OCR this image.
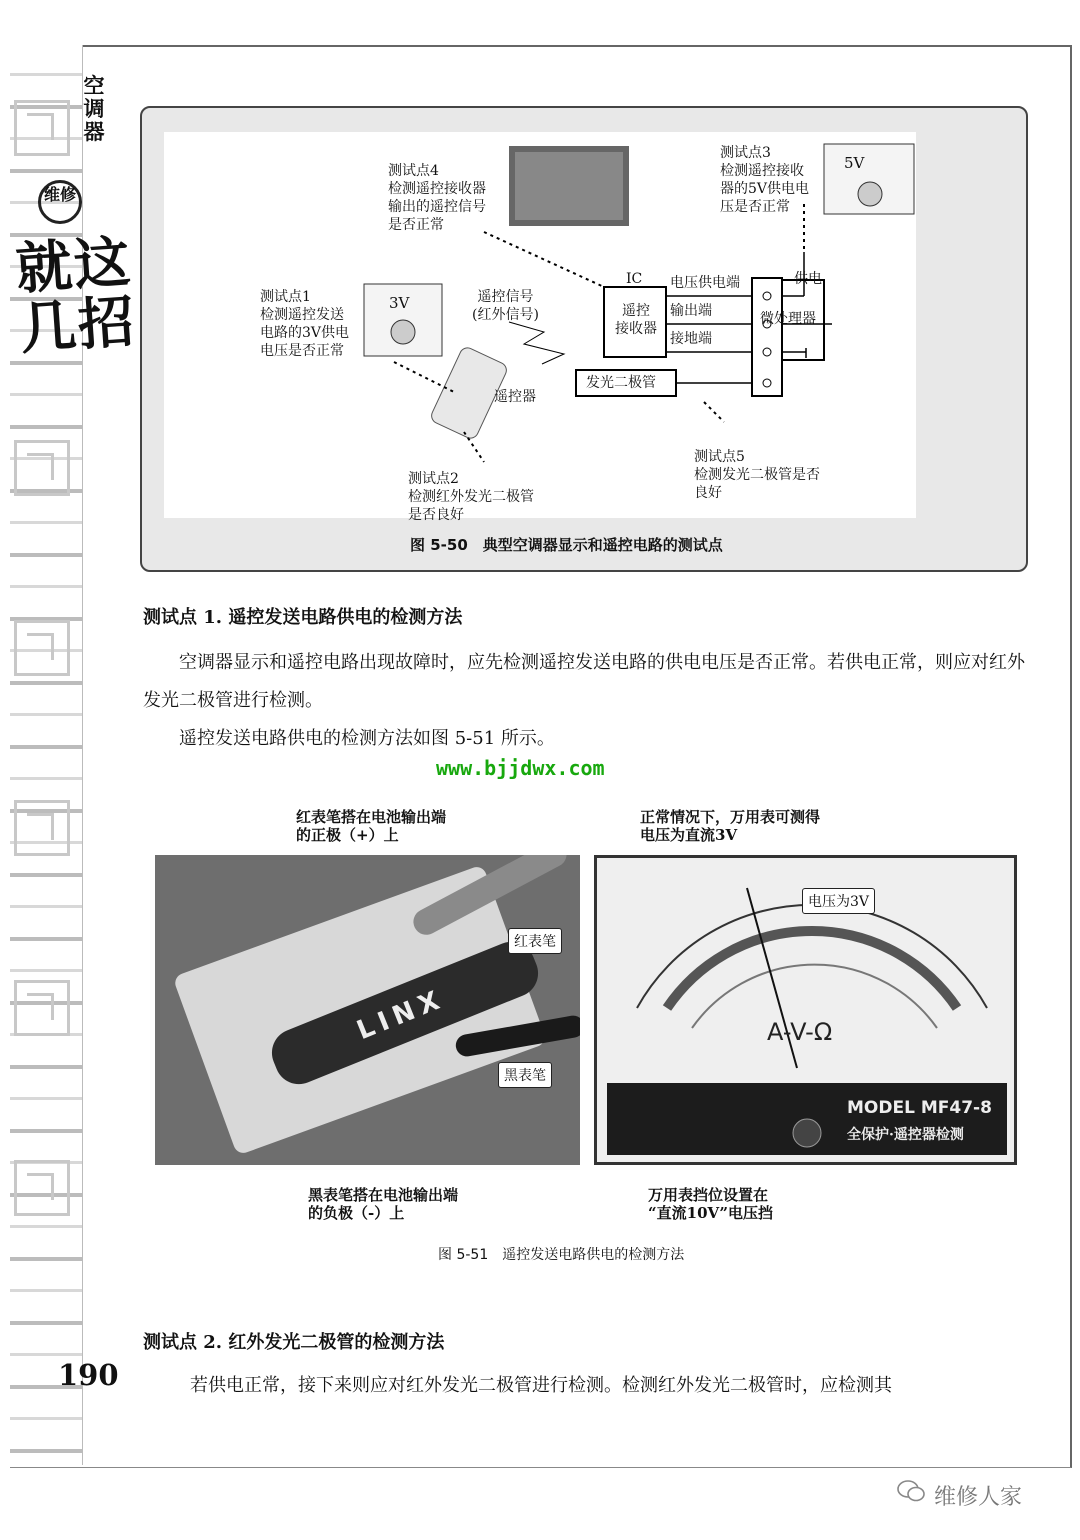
空调器
维修
就这几招
测试点4
检测遥控接收器
输出的遥控信号
是否正常
测试点3
检测遥控接收
器的5V供电电
压是否正常
测试点1
检测遥控发送
电路的3V供电
电压是否正常
测试点2
检测红外发光二极管
是否良好
测试点5
检测发光二极管是否
良好
5V
3V
IC
遥控
接收器
遥控信号
(红外信号)
遥控器
电压供电端
输出端
接地端
供电
微处理器
发光二极管
图 5-50　典型空调器显示和遥控电路的测试点
测试点 1. 遥控发送电路供电的检测方法
空调器显示和遥控电路出现故障时，应先检测遥控发送电路的供电电压是否正常。若供电正常，则应对红外发光二极管进行检测。
遥控发送电路供电的检测方法如图 5-51 所示。
www.bjjdwx.com
红表笔搭在电池输出端
的正极（+）上
正常情况下，万用表可测得
电压为直流3V
LINX
红表笔
黑表笔
MODEL MF47-8
全保护·遥控器检测
A-V-Ω
电压为3V
黑表笔搭在电池输出端
的负极（-）上
万用表挡位设置在
“直流10V”电压挡
图 5-51　遥控发送电路供电的检测方法
测试点 2. 红外发光二极管的检测方法
若供电正常，接下来则应对红外发光二极管进行检测。检测红外发光二极管时，应检测其
190
维修人家
